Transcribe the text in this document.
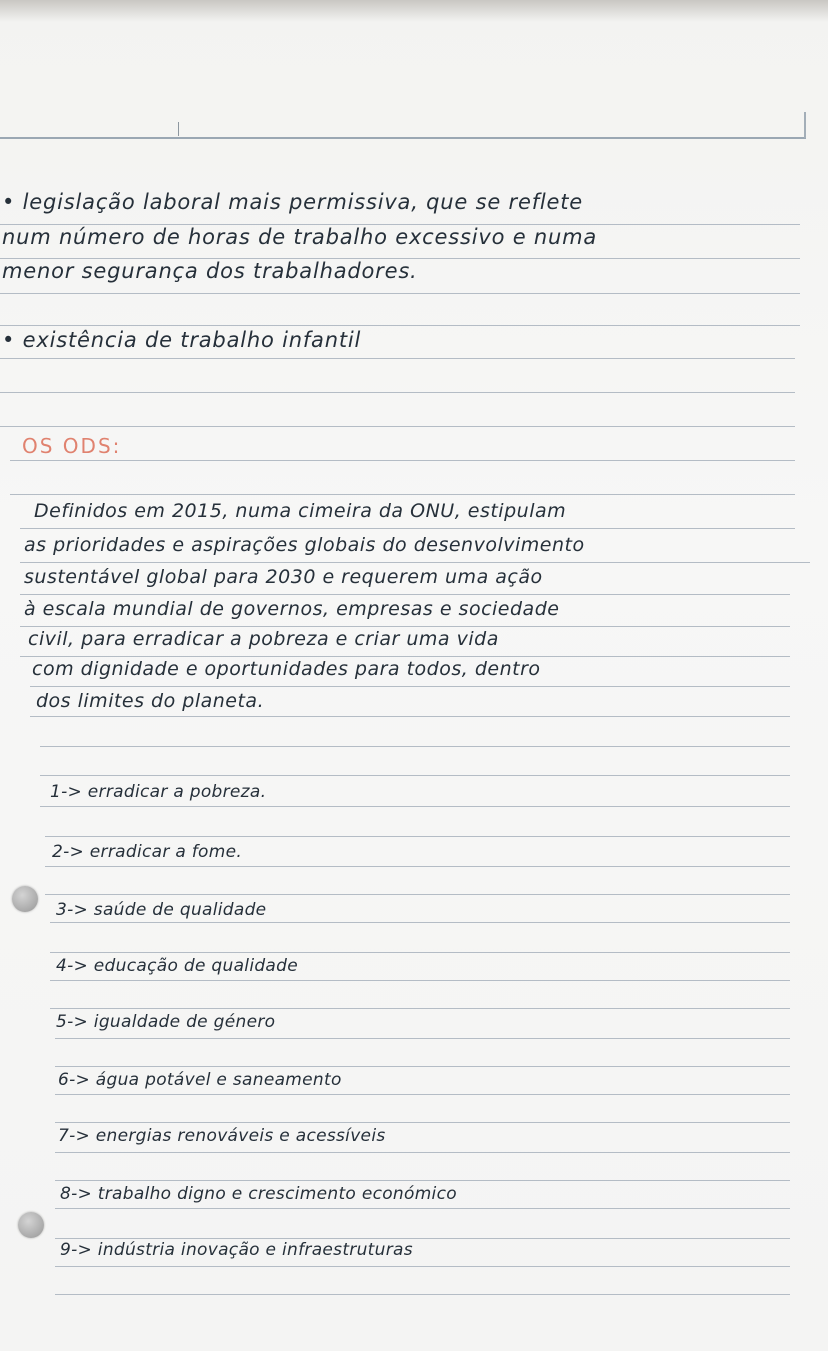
• legislação laboral mais permissiva, que se reflete
num número de horas de trabalho excessivo e numa
menor segurança dos trabalhadores.
• existência de trabalho infantil
OS ODS:
Definidos em 2015, numa cimeira da ONU, estipulam
as prioridades e aspirações globais do desenvolvimento
sustentável global para 2030 e requerem uma ação
à escala mundial de governos, empresas e sociedade
civil, para erradicar a pobreza e criar uma vida
com dignidade e oportunidades para todos, dentro
dos limites do planeta.
1-> erradicar a pobreza.
2-> erradicar a fome.
3-> saúde de qualidade
4-> educação de qualidade
5-> igualdade de género
6-> água potável e saneamento
7-> energias renováveis e acessíveis
8-> trabalho digno e crescimento económico
9-> indústria inovação e infraestruturas
